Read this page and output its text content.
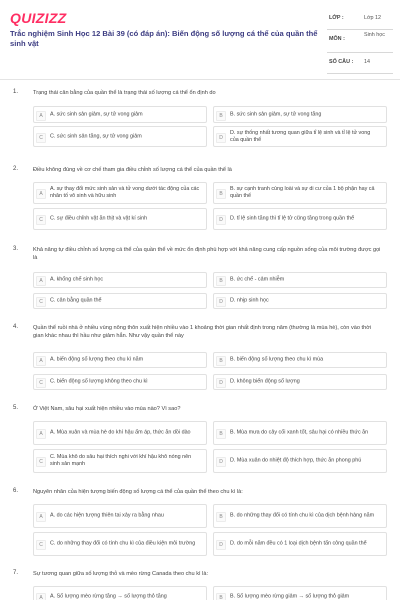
QUIZIZZ
Trắc nghiệm Sinh Học 12 Bài 39 (có đáp án): Biến động số lượng cá thể của quần thể sinh vật
LỚP :	Lớp 12
MÔN :
Sinh học
SỐ CÂU : 14
1.	Trạng thái cân bằng của quần thể là trạng thái số lượng cá thể ổn định do
A	A. sức sinh sản giảm, sự tử vong giảm	B	B. sức sinh sản giảm, sự tử vong tăng
C	C. sức sinh sản tăng, sự tử vong giảm	D
D. sự thống nhất tương quan giữa tỉ lệ sinh và tỉ lệ tử vong của quần thể
2.	Điều không đúng về cơ chế tham gia điều chỉnh số lượng cá thể của quần thể là
A
A. sự thay đổi mức sinh sản và tử vong dưới tác động của các nhân tố vô sinh và hữu sinh	B
B. sự cạnh tranh cùng loài và sự di cư của 1 bộ phận hay cả quần thể
C	C. sự điều chỉnh vật ăn thịt và vật kí sinh	D	D. tỉ lệ sinh tăng thì tỉ lệ tử cũng tăng trong quần thể
3.	Khả năng tự điều chỉnh số lượng cá thể của quần thể về mức ổn định phù hợp với khả năng cung cấp nguồn sống của môi trường được gọi là
A	A. khống chế sinh học	B	B. ức chế - cảm nhiễm
C	C. cân bằng quần thể	D	D. nhịp sinh học
4.	Quần thể ruồi nhà ở nhiều vùng nông thôn xuất hiện nhiều vào 1 khoảng thời gian nhất định trong năm (thường là mùa hè), còn vào thời gian khác nhau thì hầu như giảm hẳn. Như vậy quần thể này
A	A. biến động số lượng theo chu kì năm	B	B. biến động số lượng theo chu kì mùa
C	C. biến động số lượng không theo chu kì	D	D. không biến động số lượng
5.	Ở Việt Nam, sâu hại xuất hiện nhiều vào mùa nào? Vì sao?
A	A. Mùa xuân và mùa hè do khí hậu ấm áp, thức ăn dồi dào	B	B. Mùa mưa do cây cối xanh tốt, sâu hại có nhiều thức ăn
C
C. Mùa khô do sâu hại thích nghi với khí hậu khô nóng nên sinh sản mạnh	D	D. Mùa xuân do nhiệt độ thích hợp, thức ăn phong phú
6.	Nguyên nhân của hiện tượng biến động số lượng cá thể của quần thể theo chu kì là:
A	A. do các hiện tượng thiên tai xảy ra bằng nhau	B	B. do những thay đổi có tính chu kì của dịch bệnh hàng năm
C	C. do những thay đổi có tính chu kì của điều kiện môi trường	D	D. do mỗi năm đều có 1 loại dịch bệnh tấn công quần thể
7.	Sự tương quan giữa số lượng thỏ và mèo rừng Canada theo chu kì là:
A	A. Số lượng mèo rừng tăng → số lượng thỏ tăng	B	B. Số lượng mèo rừng giảm → số lượng thỏ giảm
